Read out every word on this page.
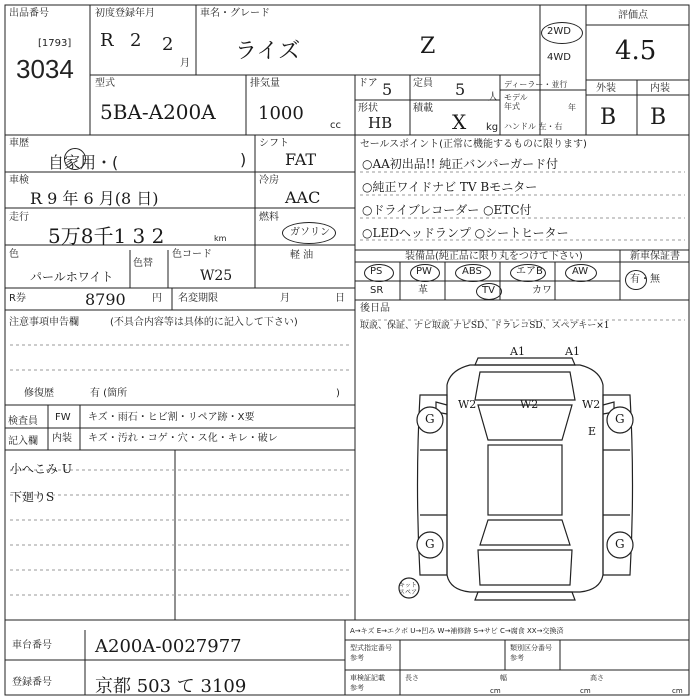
出品番号
[1793]
3034
初度登録年月
R 2 2
月
車名・グレード
ライズ	Z
2WD
4WD
評価点
4.5
型式
5BA-A200A
排気量
1000
cc
ドア 5 定員 5 人
形状
HB
積載
X kg
ディーラー・並行
モデル
年式	年
ハンドル 左・右
外装	内装
B B
車歴
自家用・(	)
車検
R 9 年 6 月(8 日)
走行
5万8千1 3 2	km
色
パールホワイト
色替
色コード
W25
シフト
FAT
冷房
AAC
燃料
ガソリン
軽 油
R券	8790	円 名変期限	月	日
注意事項申告欄	(不具合内容等は具体的に記入して下さい)
修復歴	有 (箇所	)
検査員
記入欄
FW キズ・雨石・ヒビ割・リペア跡・X要
内装 キズ・汚れ・コゲ・穴・ス化・キレ・破レ
小へこみ U
下廻りS
セールスポイント(正常に機能するものに限ります)
○AA初出品!! 純正バンパーガード付
○純正ワイドナビ TV Bモニター
○ドライブレコーダー ○ETC付
○LEDヘッドランプ ○シートヒーター
装備品(純正品に限り丸をつけて下さい)	新車保証書
有・無
PS	PW	ABS	エアB	AW
SR	革	TV	カワ
後日品
取説、保証、ナビ取説 ナビSD、ドラレコSD、スペアキー×1
A1	A1
W2	W2	W2
E
G	G
G	G
キット
スペア
車台番号 A200A-0027977
登録番号 京都 503 て 3109
A→キズ E→エクボ U→凹み W→補修跡 S→サビ C→腐食 XX→交換済
型式指定番号
参考
類別区分番号
参考
車検証記載
参考
長さ
cm
幅
cm
高さ
cm
